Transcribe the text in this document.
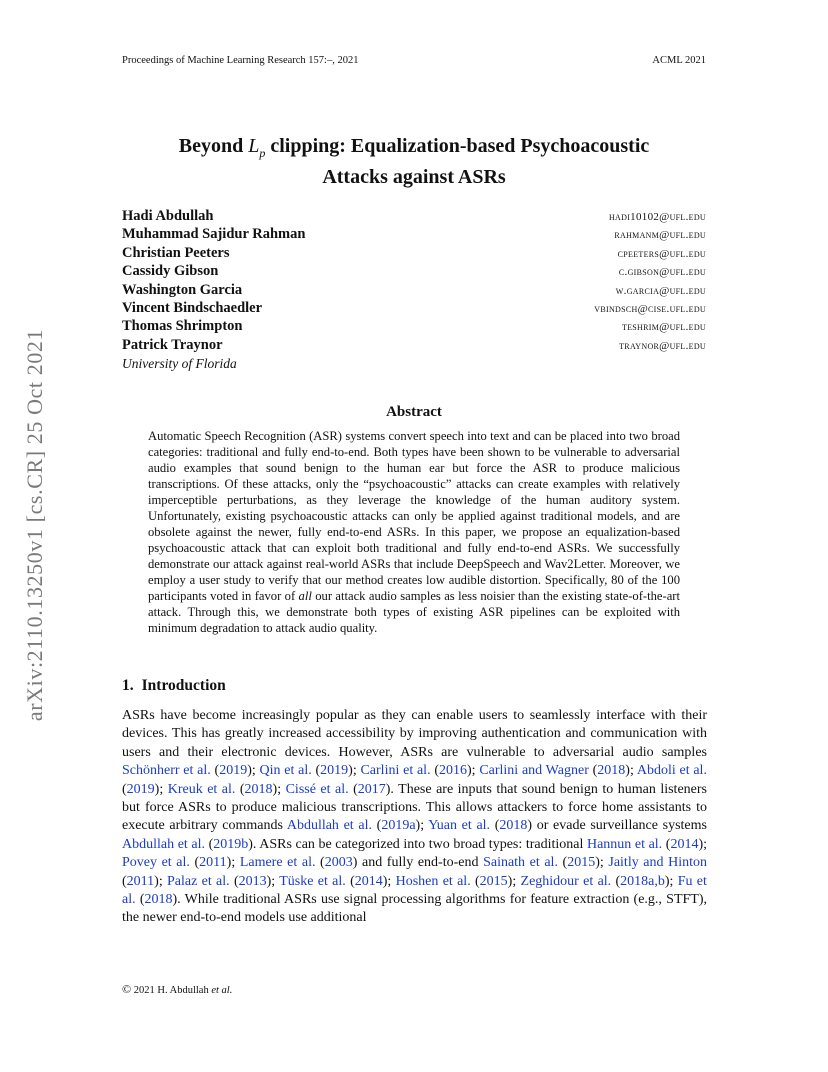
Proceedings of Machine Learning Research 157:–, 2021	ACML 2021
arXiv:2110.13250v1 [cs.CR] 25 Oct 2021
Beyond $L_p$ clipping: Equalization-based Psychoacoustic
Attacks against ASRs
Hadi Abdullah	hadi10102@ufl.edu
Muhammad Sajidur Rahman	rahmanm@ufl.edu
Christian Peeters	cpeeters@ufl.edu
Cassidy Gibson	c.gibson@ufl.edu
Washington Garcia	w.garcia@ufl.edu
Vincent Bindschaedler	vbindsch@cise.ufl.edu
Thomas Shrimpton	teshrim@ufl.edu
Patrick Traynor	traynor@ufl.edu
University of Florida
Abstract

Automatic Speech Recognition (ASR) systems convert speech into text and can be placed into two broad categories: traditional and fully end-to-end. Both types have been shown to be vulnerable to adversarial audio examples that sound benign to the human ear but force the ASR to produce malicious transcriptions. Of these attacks, only the “psychoacoustic” attacks can create examples with relatively imperceptible perturbations, as they leverage the knowledge of the human auditory system. Unfortunately, existing psychoacoustic attacks can only be applied against traditional models, and are obsolete against the newer, fully end-to-end ASRs. In this paper, we propose an equalization-based psychoacoustic attack that can exploit both traditional and fully end-to-end ASRs. We successfully demonstrate our attack against real-world ASRs that include DeepSpeech and Wav2Letter. Moreover, we employ a user study to verify that our method creates low audible distortion. Specifically, 80 of the 100 participants voted in favor of all our attack audio samples as less noisier than the existing state-of-the-art attack. Through this, we demonstrate both types of existing ASR pipelines can be exploited with minimum degradation to attack audio quality.

1. Introduction

ASRs have become increasingly popular as they can enable users to seamlessly interface with their devices. This has greatly increased accessibility by improving authentication and communication with users and their electronic devices. However, ASRs are vulnerable to adversarial audio samples Schönherr et al. (2019); Qin et al. (2019); Carlini et al. (2016); Carlini and Wagner (2018); Abdoli et al. (2019); Kreuk et al. (2018); Cissé et al. (2017). These are inputs that sound benign to human listeners but force ASRs to produce malicious transcriptions. This allows attackers to force home assistants to execute arbitrary commands Abdullah et al. (2019a); Yuan et al. (2018) or evade surveillance systems Abdullah et al. (2019b). ASRs can be categorized into two broad types: traditional Hannun et al. (2014); Povey et al. (2011); Lamere et al. (2003) and fully end-to-end Sainath et al. (2015); Jaitly and Hinton (2011); Palaz et al. (2013); Tüske et al. (2014); Hoshen et al. (2015); Zeghidour et al. (2018a,b); Fu et al. (2018). While traditional ASRs use signal processing algorithms for feature extraction (e.g., STFT), the newer end-to-end models use additional

© 2021 H. Abdullah et al.
